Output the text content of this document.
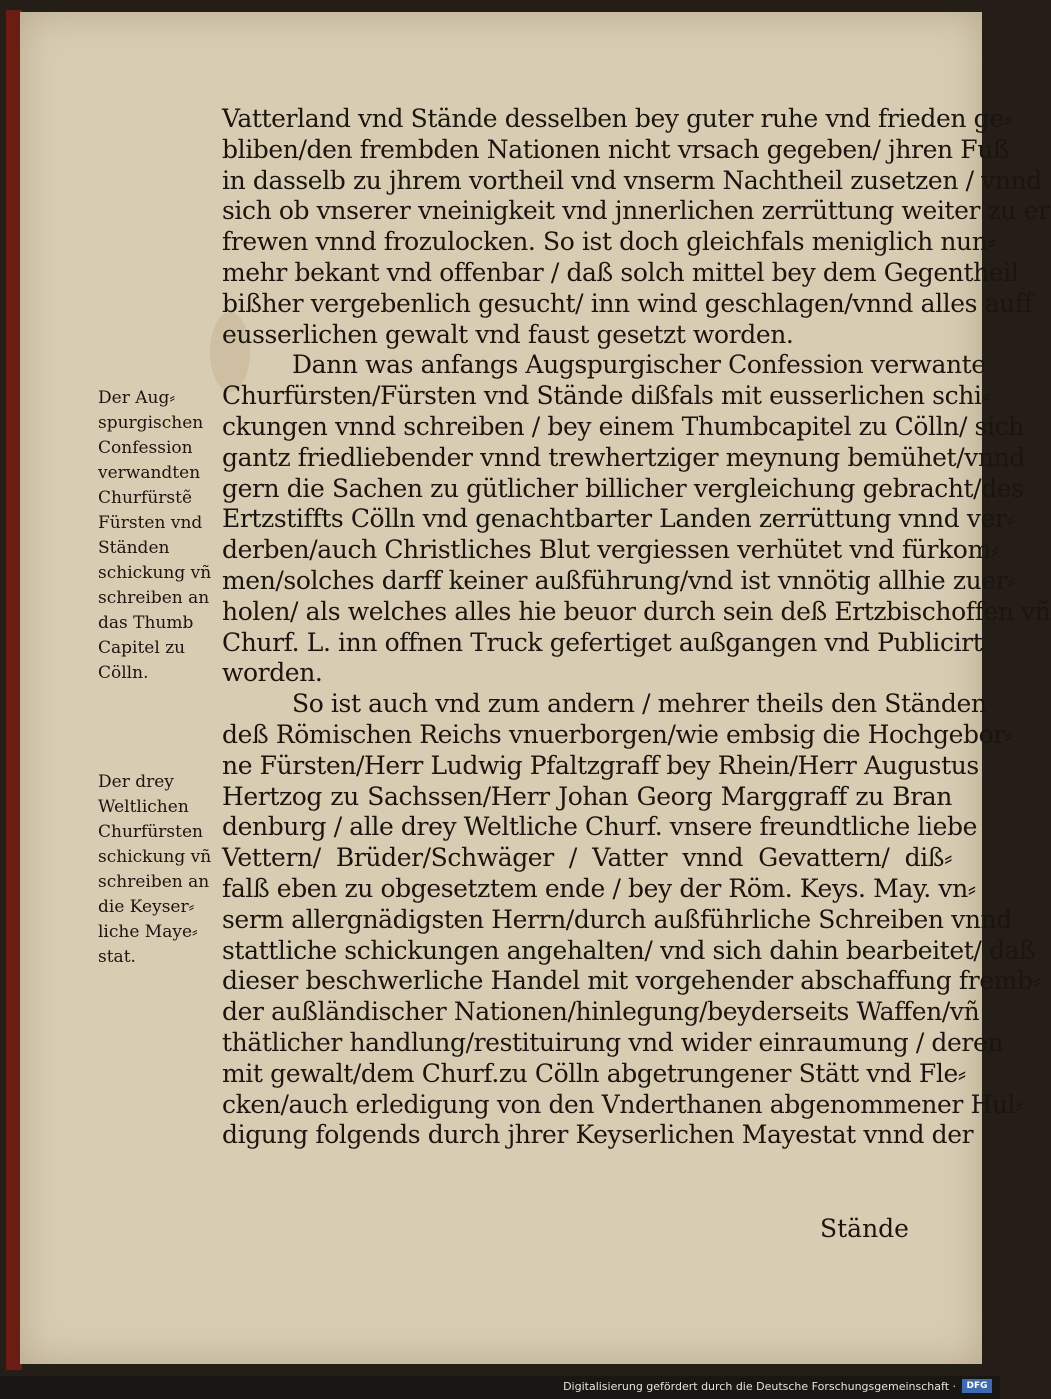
Vatterland vnd Stände desselben bey guter ruhe vnd frieden ge⸗
bliben/den frembden Nationen nicht vrsach gegeben/ jhren Fuß
in dasselb zu jhrem vortheil vnd vnserm Nachtheil zusetzen / vnnd
sich ob vnserer vneinigkeit vnd jnnerlichen zerrüttung weiter zu er
frewen vnnd frozulocken. So ist doch gleichfals meniglich nun⸗
mehr bekant vnd offenbar / daß solch mittel bey dem Gegentheil
bißher vergebenlich gesucht/ inn wind geschlagen/vnnd alles auff
eusserlichen gewalt vnd faust gesetzt worden.
Dann was anfangs Augspurgischer Confession verwante
Churfürsten/Fürsten vnd Stände dißfals mit eusserlichen schi⸗
ckungen vnnd schreiben / bey einem Thumbcapitel zu Cölln/ sich
gantz friedliebender vnnd trewhertziger meynung bemühet/vnnd
gern die Sachen zu gütlicher billicher vergleichung gebracht/des
Ertzstiffts Cölln vnd genachtbarter Landen zerrüttung vnnd ver⸗
derben/auch Christliches Blut vergiessen verhütet vnd fürkom⸗
men/solches darff keiner außführung/vnd ist vnnötig allhie zuer⸗
holen/ als welches alles hie beuor durch sein deß Ertzbischoffen vñ
Churf. L. inn offnen Truck gefertiget außgangen vnd Publicirt
worden.
So ist auch vnd zum andern / mehrer theils den Ständen
deß Römischen Reichs vnuerborgen/wie embsig die Hochgebor⸗
ne Fürsten/Herr Ludwig Pfaltzgraff bey Rhein/Herr Augustus
Hertzog zu Sachssen/Herr Johan Georg Marggraff zu Bran
denburg / alle drey Weltliche Churf. vnsere freundtliche liebe
Vettern/ Brüder/Schwäger / Vatter vnnd Gevattern/ diß⸗
falß eben zu obgesetztem ende / bey der Röm. Keys. May. vn⸗
serm allergnädigsten Herrn/durch außführliche Schreiben vnnd
stattliche schickungen angehalten/ vnd sich dahin bearbeitet/ daß
dieser beschwerliche Handel mit vorgehender abschaffung fremb⸗
der außländischer Nationen/hinlegung/beyderseits Waffen/vñ
thätlicher handlung/restituirung vnd wider einraumung / deren
mit gewalt/dem Churf.zu Cölln abgetrungener Stätt vnd Fle⸗
cken/auch erledigung von den Vnderthanen abgenommener Hul⸗
digung folgends durch jhrer Keyserlichen Mayestat vnnd der
Stände
Der Aug⸗
spurgischen
Confession
verwandten
Churfürstẽ
Fürsten vnd
Ständen
schickung vñ
schreiben an
das Thumb
Capitel zu
Cölln.
Der drey
Weltlichen
Churfürsten
schickung vñ
schreiben an
die Keyser⸗
liche Maye⸗
stat.
Digitalisierung gefördert durch die Deutsche Forschungsgemeinschaft ·	DFG
